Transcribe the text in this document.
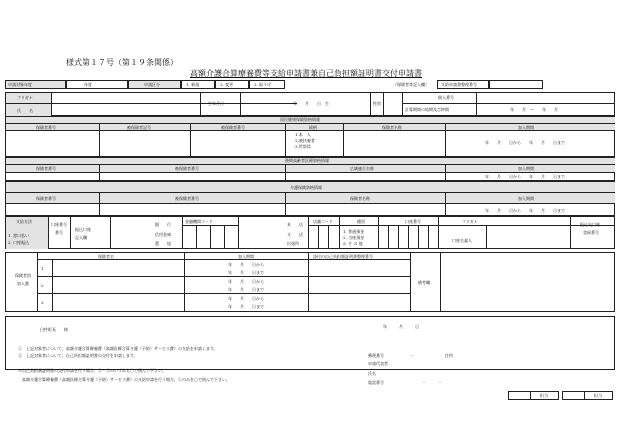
様式第１７号（第１９条関係）
高額介護合算療養費等支給申請書兼自己負担額証明書交付申請書
申請対象年度	年度	申請区分	1. 新規	2. 変更	3. 取下げ	（保険者等記入欄）	支給申請書整理番号
フリガナ
氏　　名
生年月日	年　　月　　日　生	性別
個人番号
計算期間の始期及び終期	年　　月　～　　年　　月
国民健康保険資格情報
保険者番号	被保険者記号	被保険者番号	続柄	保険者名称	加入期間
1.本　人
2.被扶養者
3.世帯員
年　　月　　日から　　年　　月　　日まで
後期高齢者医療資格情報
保険者番号	被保険者番号	広域連合名称	加入期間
年　　月　　日から　　年　　月　　日まで
介護保険資格情報
保険者番号	被保険者番号	保険者名称	加入期間
年　　月　　日から　　年　　月　　日まで
支給方法
1. 窓口払い
2. 口座振込
口座番号
番号
振込口座
記入欄
銀　　行
信用金庫
農　　協
金融機関コード
本　　店
支　　店
出張所
店舗コード	種別
1. 普通預金
2. 当座預金
9. そ の 他
口座番号	フリガナ
口座名義人
振込先口座
登録番号
保険者別
加入歴
保険者名	加入期間	添付の自己負担額証明書整理番号
備考欄
1
年　　月　　日から
年　　月　　日まで
2
年　　月　　日から
年　　月　　日まで
3
年　　月　　日から
年　　月　　日まで
臼杵町長　　様
年　　　月　　　日
①　上記対象者について、高額介護合算療養費（高額医療合算介護（予防）サービス費）の支給を申請します。
②　上記対象者について、自己負担額証明書の交付を申請します。
※自己負担額証明書の交付申請を行う場合、①・②のいずれも〇で囲んで下さい。
　高額介護合算療養費（高額医療合算介護（予防）サービス費）の支給申請を行う場合、①のみを〇で囲んで下さい。
郵便番号	－	住所
申請代表者
氏名
電話番号	－　　　－
担当	担当
